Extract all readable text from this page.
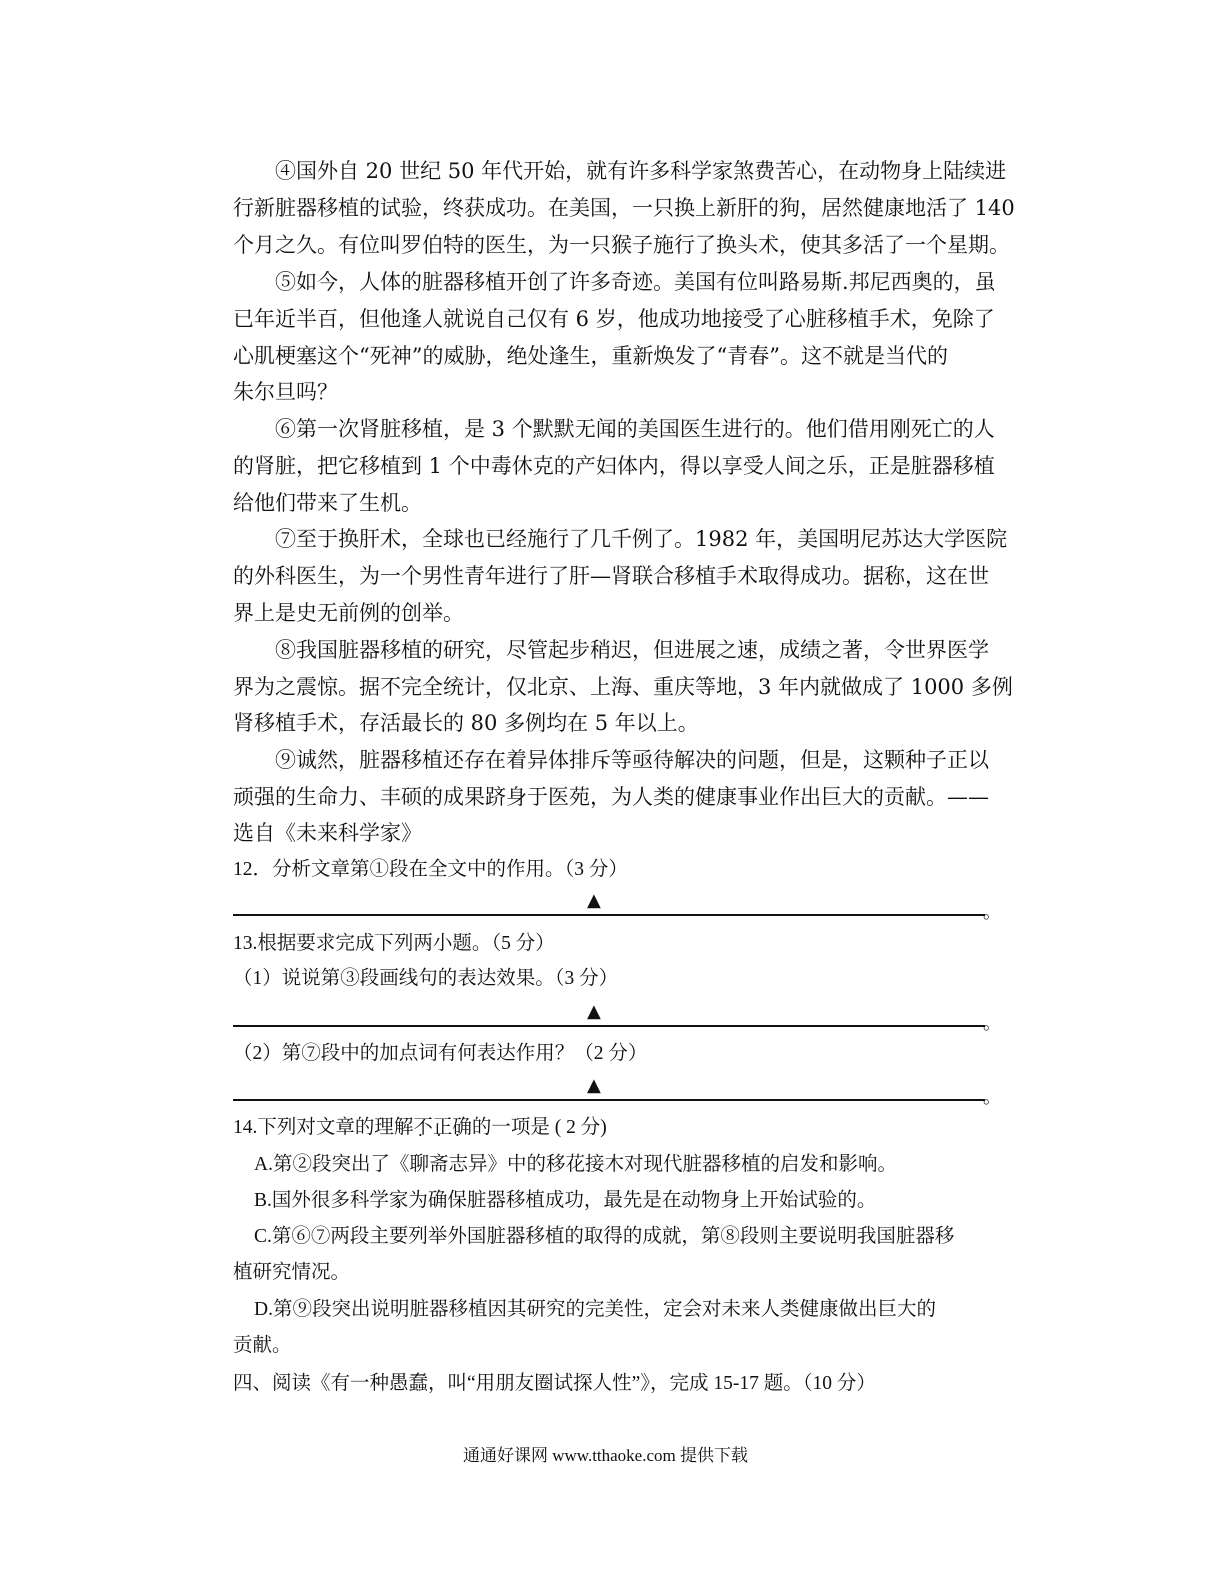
④国外自 20 世纪 50 年代开始，就有许多科学家煞费苦心，在动物身上陆续进
行新脏器移植的试验，终获成功。在美国，一只换上新肝的狗，居然健康地活了 140
个月之久。有位叫罗伯特的医生，为一只猴子施行了换头术，使其多活了一个星期。
⑤如今，人体的脏器移植开创了许多奇迹。美国有位叫路易斯.邦尼西奥的，虽
已年近半百，但他逢人就说自己仅有 6 岁，他成功地接受了心脏移植手术，免除了
心肌梗塞这个“死神”的威胁，绝处逢生，重新焕发了“青春”。这不就是当代的
朱尔旦吗？
⑥第一次肾脏移植，是 3 个默默无闻的美国医生进行的。他们借用刚死亡的人
的肾脏，把它移植到 1 个中毒休克的产妇体内，得以享受人间之乐，正是脏器移植
给他们带来了生机。
⑦至于换肝术，全球也已经施行了几千例了。1982 年，美国明尼苏达大学医院
的外科医生，为一个男性青年进行了肝—肾联合移植手术取得成功。据称 · ·，这在世
界上是史无前例的创举。
⑧我国脏器移植的研究，尽管起步稍迟，但进展之速，成绩之著，令世界医学
界为之震惊。据不完全统计，仅北京、上海、重庆等地，3 年内就做成了 1000 多例
肾移植手术，存活最长的 80 多例均在 5 年以上。
⑨诚然，脏器移植还存在着异体排斥等亟待解决的问题，但是，这颗种子正以
顽强的生命力、丰硕的成果跻身于医苑，为人类的健康事业作出巨大的贡献。——
选自《未来科学家》
12．分析文章第①段在全文中的作用。（3 分）
▲
。
13.根据要求完成下列两小题。（5 分）
（1）说说第③段画线句的表达效果。（3 分）
▲
。
（2）第⑦段中的加点词有何表达作用？（2 分）
▲
。
14.下列对文章的理解不正确 · · ·的一项是 ( 2 分)
A.第②段突出了《聊斋志异》中的移花接木对现代脏器移植的启发和影响。
B.国外很多科学家为确保脏器移植成功，最先是在动物身上开始试验的。
C.第⑥⑦两段主要列举外国脏器移植的取得的成就，第⑧段则主要说明我国脏器移
植研究情况。
D.第⑨段突出说明脏器移植因其研究的完美性，定会对未来人类健康做出巨大的
贡献。
四、阅读《有一种愚蠢，叫“用朋友圈试探人性”》，完成 15-17 题。（10 分）
通通好课网 www.tthaoke.com 提供下载
